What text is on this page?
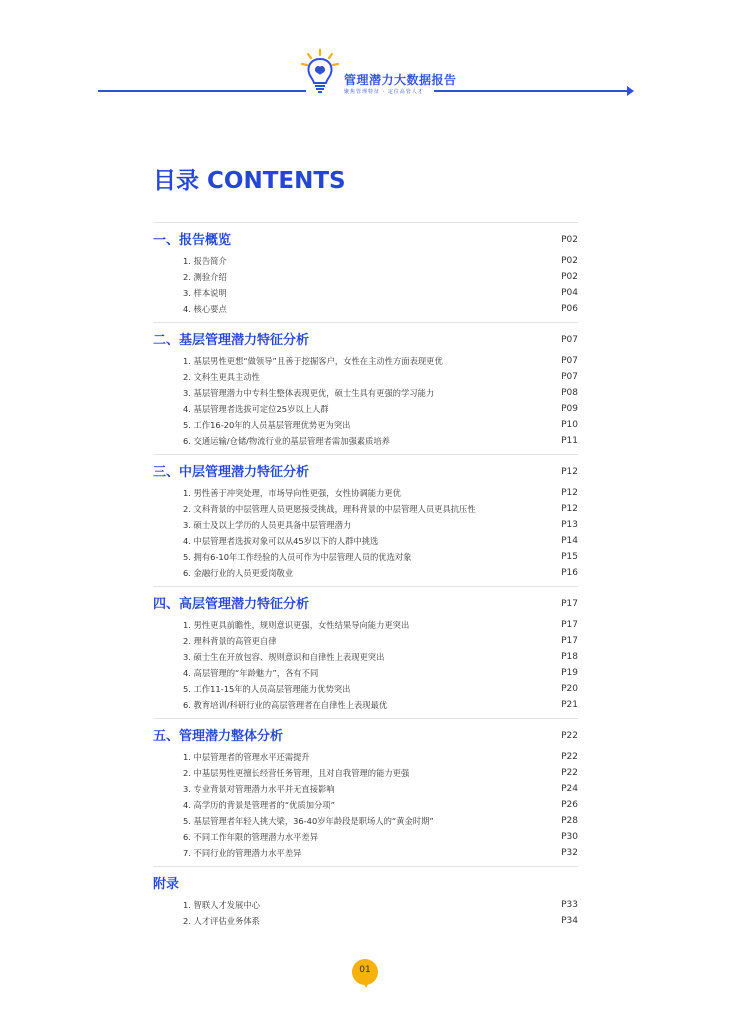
管理潜力大数据报告
聚焦管理特征 · 定位高管人才
目录 CONTENTS
一、报告概览	P02
1. 报告简介	P02
2. 测验介绍	P02
3. 样本说明	P04
4. 核心要点	P06
二、基层管理潜力特征分析	P07
1. 基层男性更想“做领导”且善于挖掘客户，女性在主动性方面表现更优	P07
2. 文科生更具主动性	P07
3. 基层管理潜力中专科生整体表现更优，硕士生具有更强的学习能力	P08
4. 基层管理者选拔可定位25岁以上人群	P09
5. 工作16-20年的人员基层管理优势更为突出	P10
6. 交通运输/仓储/物流行业的基层管理者需加强素质培养	P11
三、中层管理潜力特征分析	P12
1. 男性善于冲突处理，市场导向性更强，女性协调能力更优	P12
2. 文科背景的中层管理人员更愿接受挑战，理科背景的中层管理人员更具抗压性	P12
3. 硕士及以上学历的人员更具备中层管理潜力	P13
4. 中层管理者选拔对象可以从45岁以下的人群中挑选	P14
5. 拥有6-10年工作经验的人员可作为中层管理人员的优选对象	P15
6. 金融行业的人员更爱岗敬业	P16
四、高层管理潜力特征分析	P17
1. 男性更具前瞻性，规则意识更强，女性结果导向能力更突出	P17
2. 理科背景的高管更自律	P17
3. 硕士生在开放包容、规则意识和自律性上表现更突出	P18
4. 高层管理的“年龄魅力”，各有不同	P19
5. 工作11-15年的人员高层管理能力优势突出	P20
6. 教育培训/科研行业的高层管理者在自律性上表现最优	P21
五、管理潜力整体分析	P22
1. 中层管理者的管理水平还需提升	P22
2. 中基层男性更擅长经营任务管理，且对自我管理的能力更强	P22
3. 专业背景对管理潜力水平并无直接影响	P24
4. 高学历的背景是管理者的“优质加分项”	P26
5. 基层管理者年轻人挑大梁，36-40岁年龄段是职场人的“黄金时期”	P28
6. 不同工作年限的管理潜力水平差异	P30
7. 不同行业的管理潜力水平差异	P32
附录
1. 智联人才发展中心	P33
2. 人才评估业务体系	P34
01
